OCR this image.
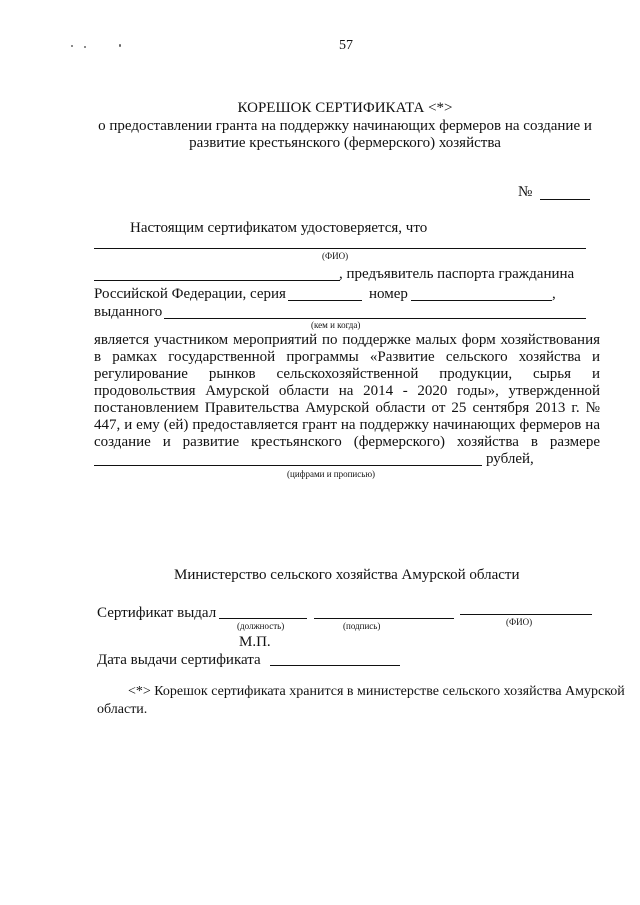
57
КОРЕШОК СЕРТИФИКАТА <*>
о предоставлении гранта на поддержку начинающих фермеров на создание и
развитие крестьянского (фермерского) хозяйства
№
Настоящим сертификатом удостоверяется, что
(ФИО)
, предъявитель паспорта гражданина
Российской Федерации, серия	номер	,
выданного
(кем и когда)
является участником мероприятий по поддержке малых форм хозяйствования
в рамках государственной программы «Развитие сельского хозяйства и
регулирование рынков сельскохозяйственной продукции, сырья и
продовольствия Амурской области на 2014 - 2020 годы», утвержденной
постановлением Правительства Амурской области от 25 сентября 2013 г. №
447, и ему (ей) предоставляется грант на поддержку начинающих фермеров на
создание и развитие крестьянского (фермерского) хозяйства в размере
рублей,
(цифрами и прописью)
Министерство сельского хозяйства Амурской области
Сертификат выдал
(должность)	(подпись)	(ФИО)
М.П.
Дата выдачи сертификата
<*> Корешок сертификата хранится в министерстве сельского хозяйства Амурской
области.
